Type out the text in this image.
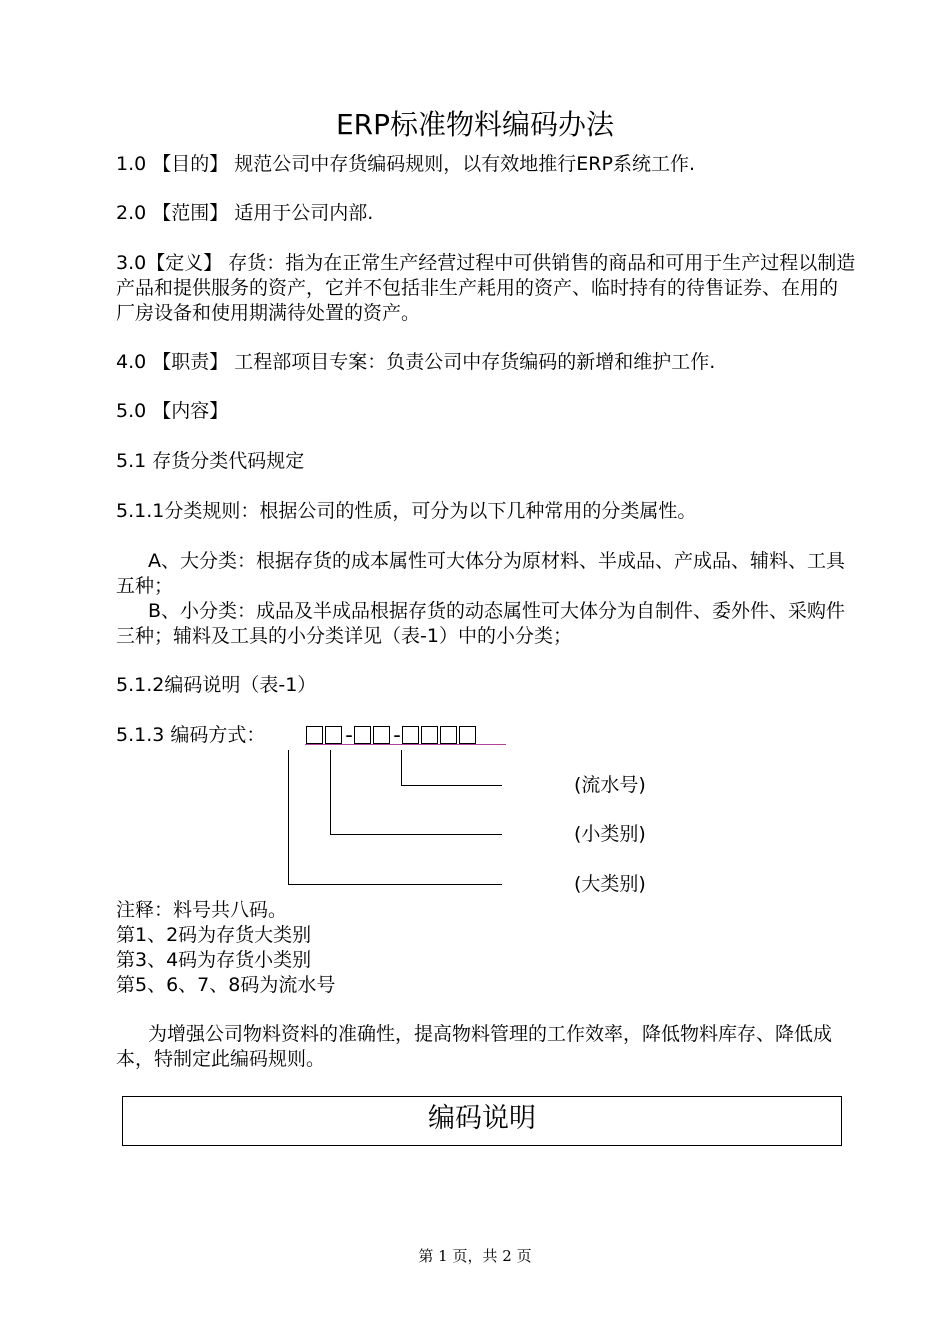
ERP标准物料编码办法
1.0 【目的】 规范公司中存货编码规则，以有效地推行ERP系统工作.
2.0 【范围】 适用于公司内部.
3.0【定义】 存货：指为在正常生产经营过程中可供销售的商品和可用于生产过程以制造产品和提供服务的资产，它并不包括非生产耗用的资产、临时持有的待售证券、在用的厂房设备和使用期满待处置的资产。
4.0 【职责】 工程部项目专案：负责公司中存货编码的新增和维护工作.
5.0 【内容】
5.1 存货分类代码规定
5.1.1分类规则：根据公司的性质，可分为以下几种常用的分类属性。
A、大分类：根据存货的成本属性可大体分为原材料、半成品、产成品、辅料、工具五种；
B、小分类：成品及半成品根据存货的动态属性可大体分为自制件、委外件、采购件三种；辅料及工具的小分类详见（表-1）中的小分类；
5.1.2编码说明（表-1）
5.1.3 编码方式：	- -
(流水号)
(小类别)
(大类别)
注释：料号共八码。
第1、2码为存货大类别
第3、4码为存货小类别
第5、6、7、8码为流水号
为增强公司物料资料的准确性，提高物料管理的工作效率，降低物料库存、降低成本，特制定此编码规则。
编码说明
第 1 页，共 2 页
